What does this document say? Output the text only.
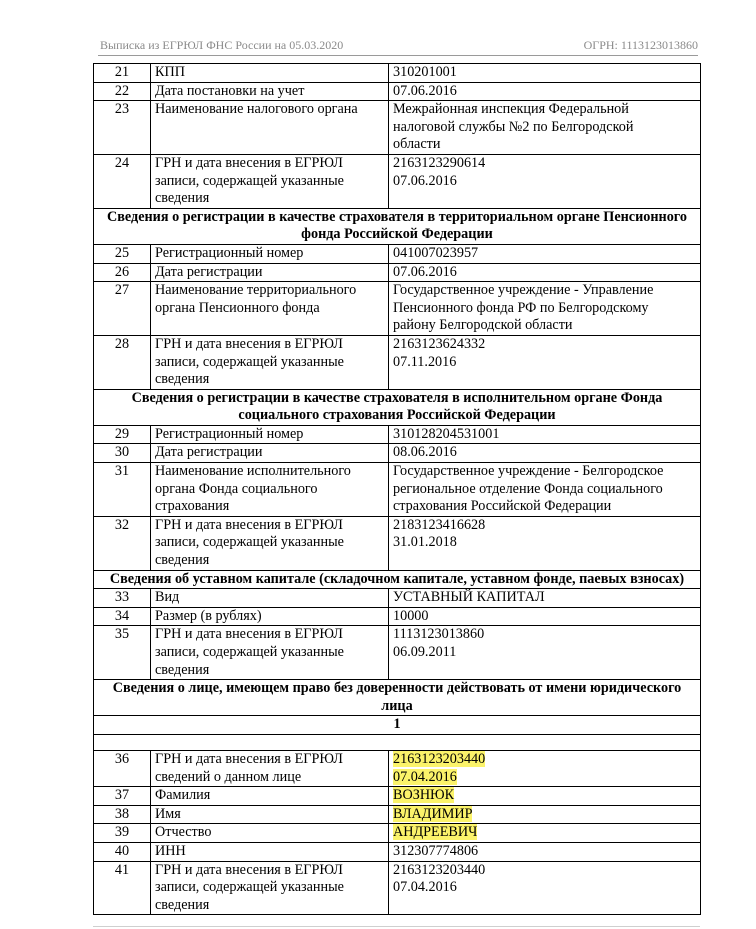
Выписка из ЕГРЮЛ ФНС России на 05.03.2020	ОГРН: 1113123013860
21	КПП	310201001

22	Дата постановки на учет	07.06.2016

23	Наименование налогового органа	Межрайонная инспекция Федеральной
налоговой службы №2 по Белгородской
области

24	ГРН и дата внесения в ЕГРЮЛ записи, содержащей указанные сведения	2163123290614
07.06.2016

Сведения о регистрации в качестве страхователя в территориальном органе Пенсионного фонда Российской Федерации		
25	Регистрационный номер	041007023957

26	Дата регистрации	07.06.2016

27	Наименование территориального органа Пенсионного фонда	Государственное учреждение - Управление
Пенсионного фонда РФ по Белгородскому
району Белгородской области

28	ГРН и дата внесения в ЕГРЮЛ записи, содержащей указанные сведения	2163123624332
07.11.2016

Сведения о регистрации в качестве страхователя в исполнительном органе Фонда социального страхования Российской Федерации		
29	Регистрационный номер	310128204531001

30	Дата регистрации	08.06.2016

31	Наименование исполнительного органа Фонда социального страхования	Государственное учреждение - Белгородское
региональное отделение Фонда социального
страхования Российской Федерации

32	ГРН и дата внесения в ЕГРЮЛ записи, содержащей указанные сведения	2183123416628
31.01.2018

Сведения об уставном капитале (складочном капитале, уставном фонде, паевых взносах)		
33	Вид	УСТАВНЫЙ КАПИТАЛ

34	Размер (в рублях)	10000

35	ГРН и дата внесения в ЕГРЮЛ записи, содержащей указанные сведения	1113123013860
06.09.2011

Сведения о лице, имеющем право без доверенности действовать от имени юридического лица		
1		

36	ГРН и дата внесения в ЕГРЮЛ сведений о данном лице	2163123203440
07.04.2016

37	Фамилия	ВОЗНЮК

38	Имя	ВЛАДИМИР

39	Отчество	АНДРЕЕВИЧ

40	ИНН	312307774806

41	ГРН и дата внесения в ЕГРЮЛ записи, содержащей указанные сведения	2163123203440
07.04.2016
